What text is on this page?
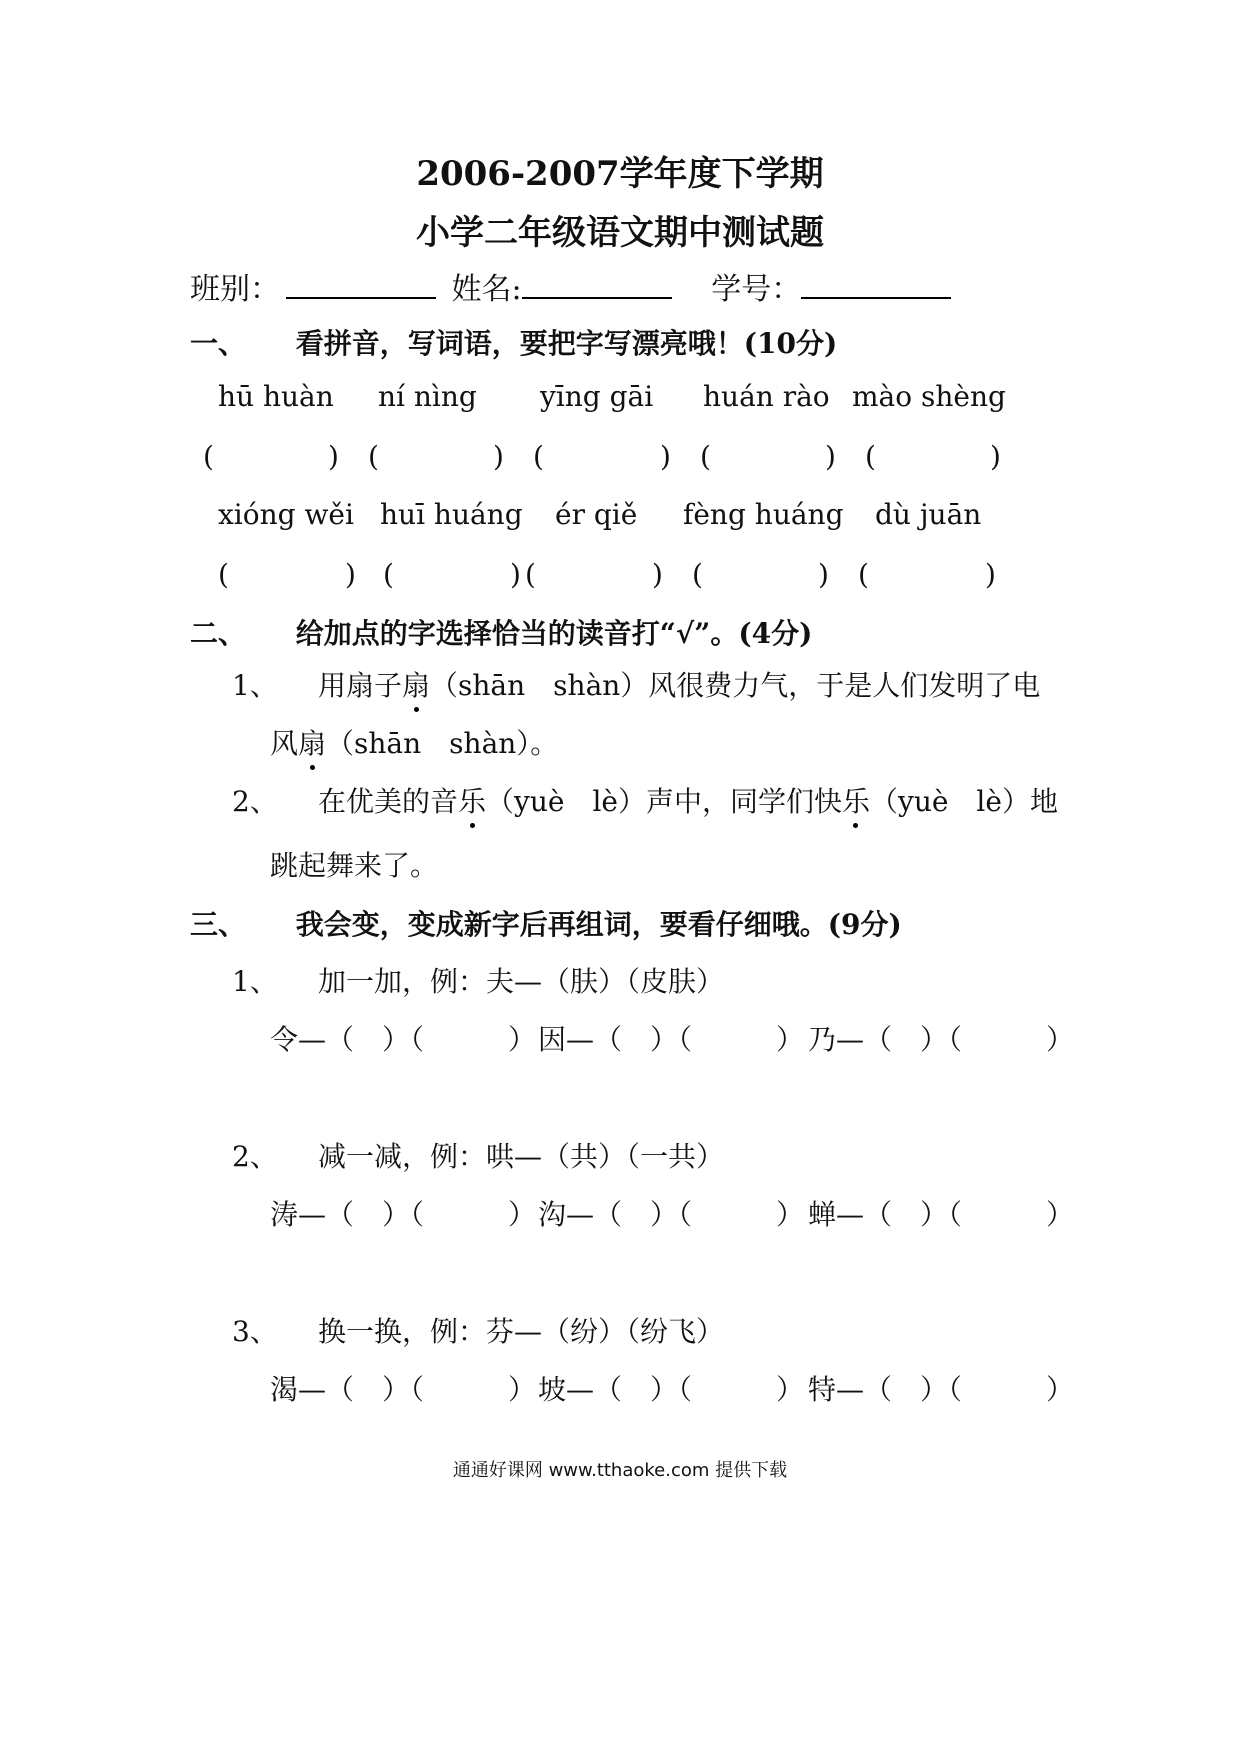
2006-2007学年度下学期
小学二年级语文期中测试题
班别：	姓名:	学号：
一、 看拼音，写词语，要把字写漂亮哦！(10分)
hū huàn ní nìng yīng gāi huán rào mào shèng
(	) (	) (	) (	) (	)
xióng wěi huī huáng ér qiě fèng huáng dù juān
(	) (	) (	) (	) (	)
二、 给加点的字选择恰当的读音打“√”。(4分)
1、 用扇子扇（shān　shàn）风很费力气，于是人们发明了电
风扇（shān　shàn）。
2、 在优美的音乐（yuè　lè）声中，同学们快乐（yuè　lè）地
跳起舞来了。
三、 我会变，变成新字后再组词，要看仔细哦。(9分)
1、 加一加，例：夫—（肤）（皮肤）
令—（　）（　　　） 因—（　）（　　　） 乃—（　）（　　　）
2、 减一减，例：哄—（共）（一共）
涛—（　）（　　　） 沟—（　）（　　　） 蝉—（　）（　　　）
3、 换一换，例：芬—（纷）（纷飞）
渴—（　）（　　　） 坡—（　）（　　　） 特—（　）（　　　）
通通好课网 www.tthaoke.com 提供下载
